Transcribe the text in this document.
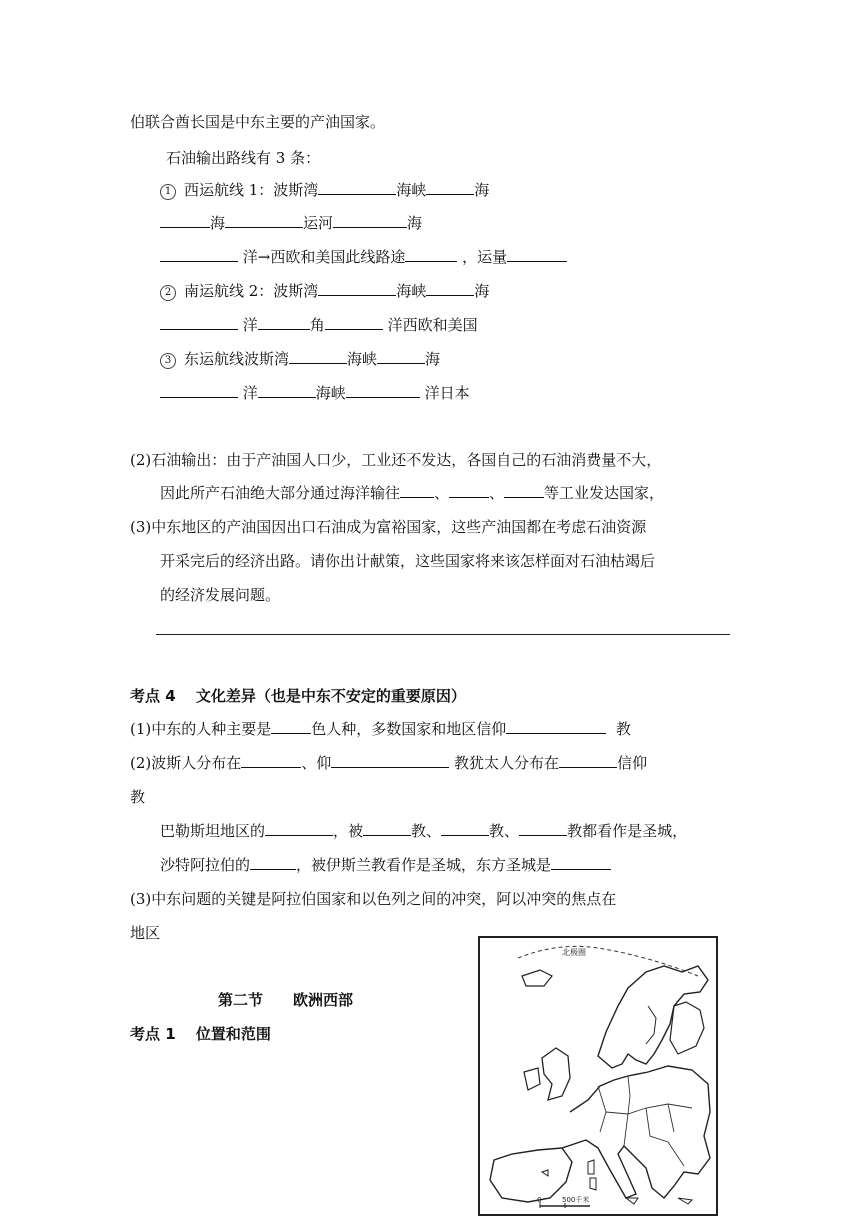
伯联合酋长国是中东主要的产油国家。
石油输出路线有 3 条：
1 西运航线 1：波斯湾	海峡	海
海	运河	海
洋→西欧和美国此线路途	，运量
2 南运航线 2：波斯湾	海峡	海
洋	角	洋西欧和美国
3 东运航线波斯湾	海峡	海
洋	海峡	洋日本
(2)石油输出：由于产油国人口少，工业还不发达，各国自己的石油消费量不大，
因此所产石油绝大部分通过海洋输往 、	、	等工业发达国家，
(3)中东地区的产油国因出口石油成为富裕国家，这些产油国都在考虑石油资源
开采完后的经济出路。请你出计献策，这些国家将来该怎样面对石油枯竭后
的经济发展问题。
考点 4　 文化差异（也是中东不安定的重要原因）
(1)中东的人种主要是	色人种，多数国家和地区信仰	教
(2)波斯人分布在	、仰	教犹太人分布在	信仰
教
巴勒斯坦地区的	，被	教、	教、	教都看作是圣城，
沙特阿拉伯的	，被伊斯兰教看作是圣城，东方圣城是
(3)中东问题的关键是阿拉伯国家和以色列之间的冲突，阿以冲突的焦点在
地区
第二节　　欧洲西部
考点 1　 位置和范围
北极圈
0	500千米
